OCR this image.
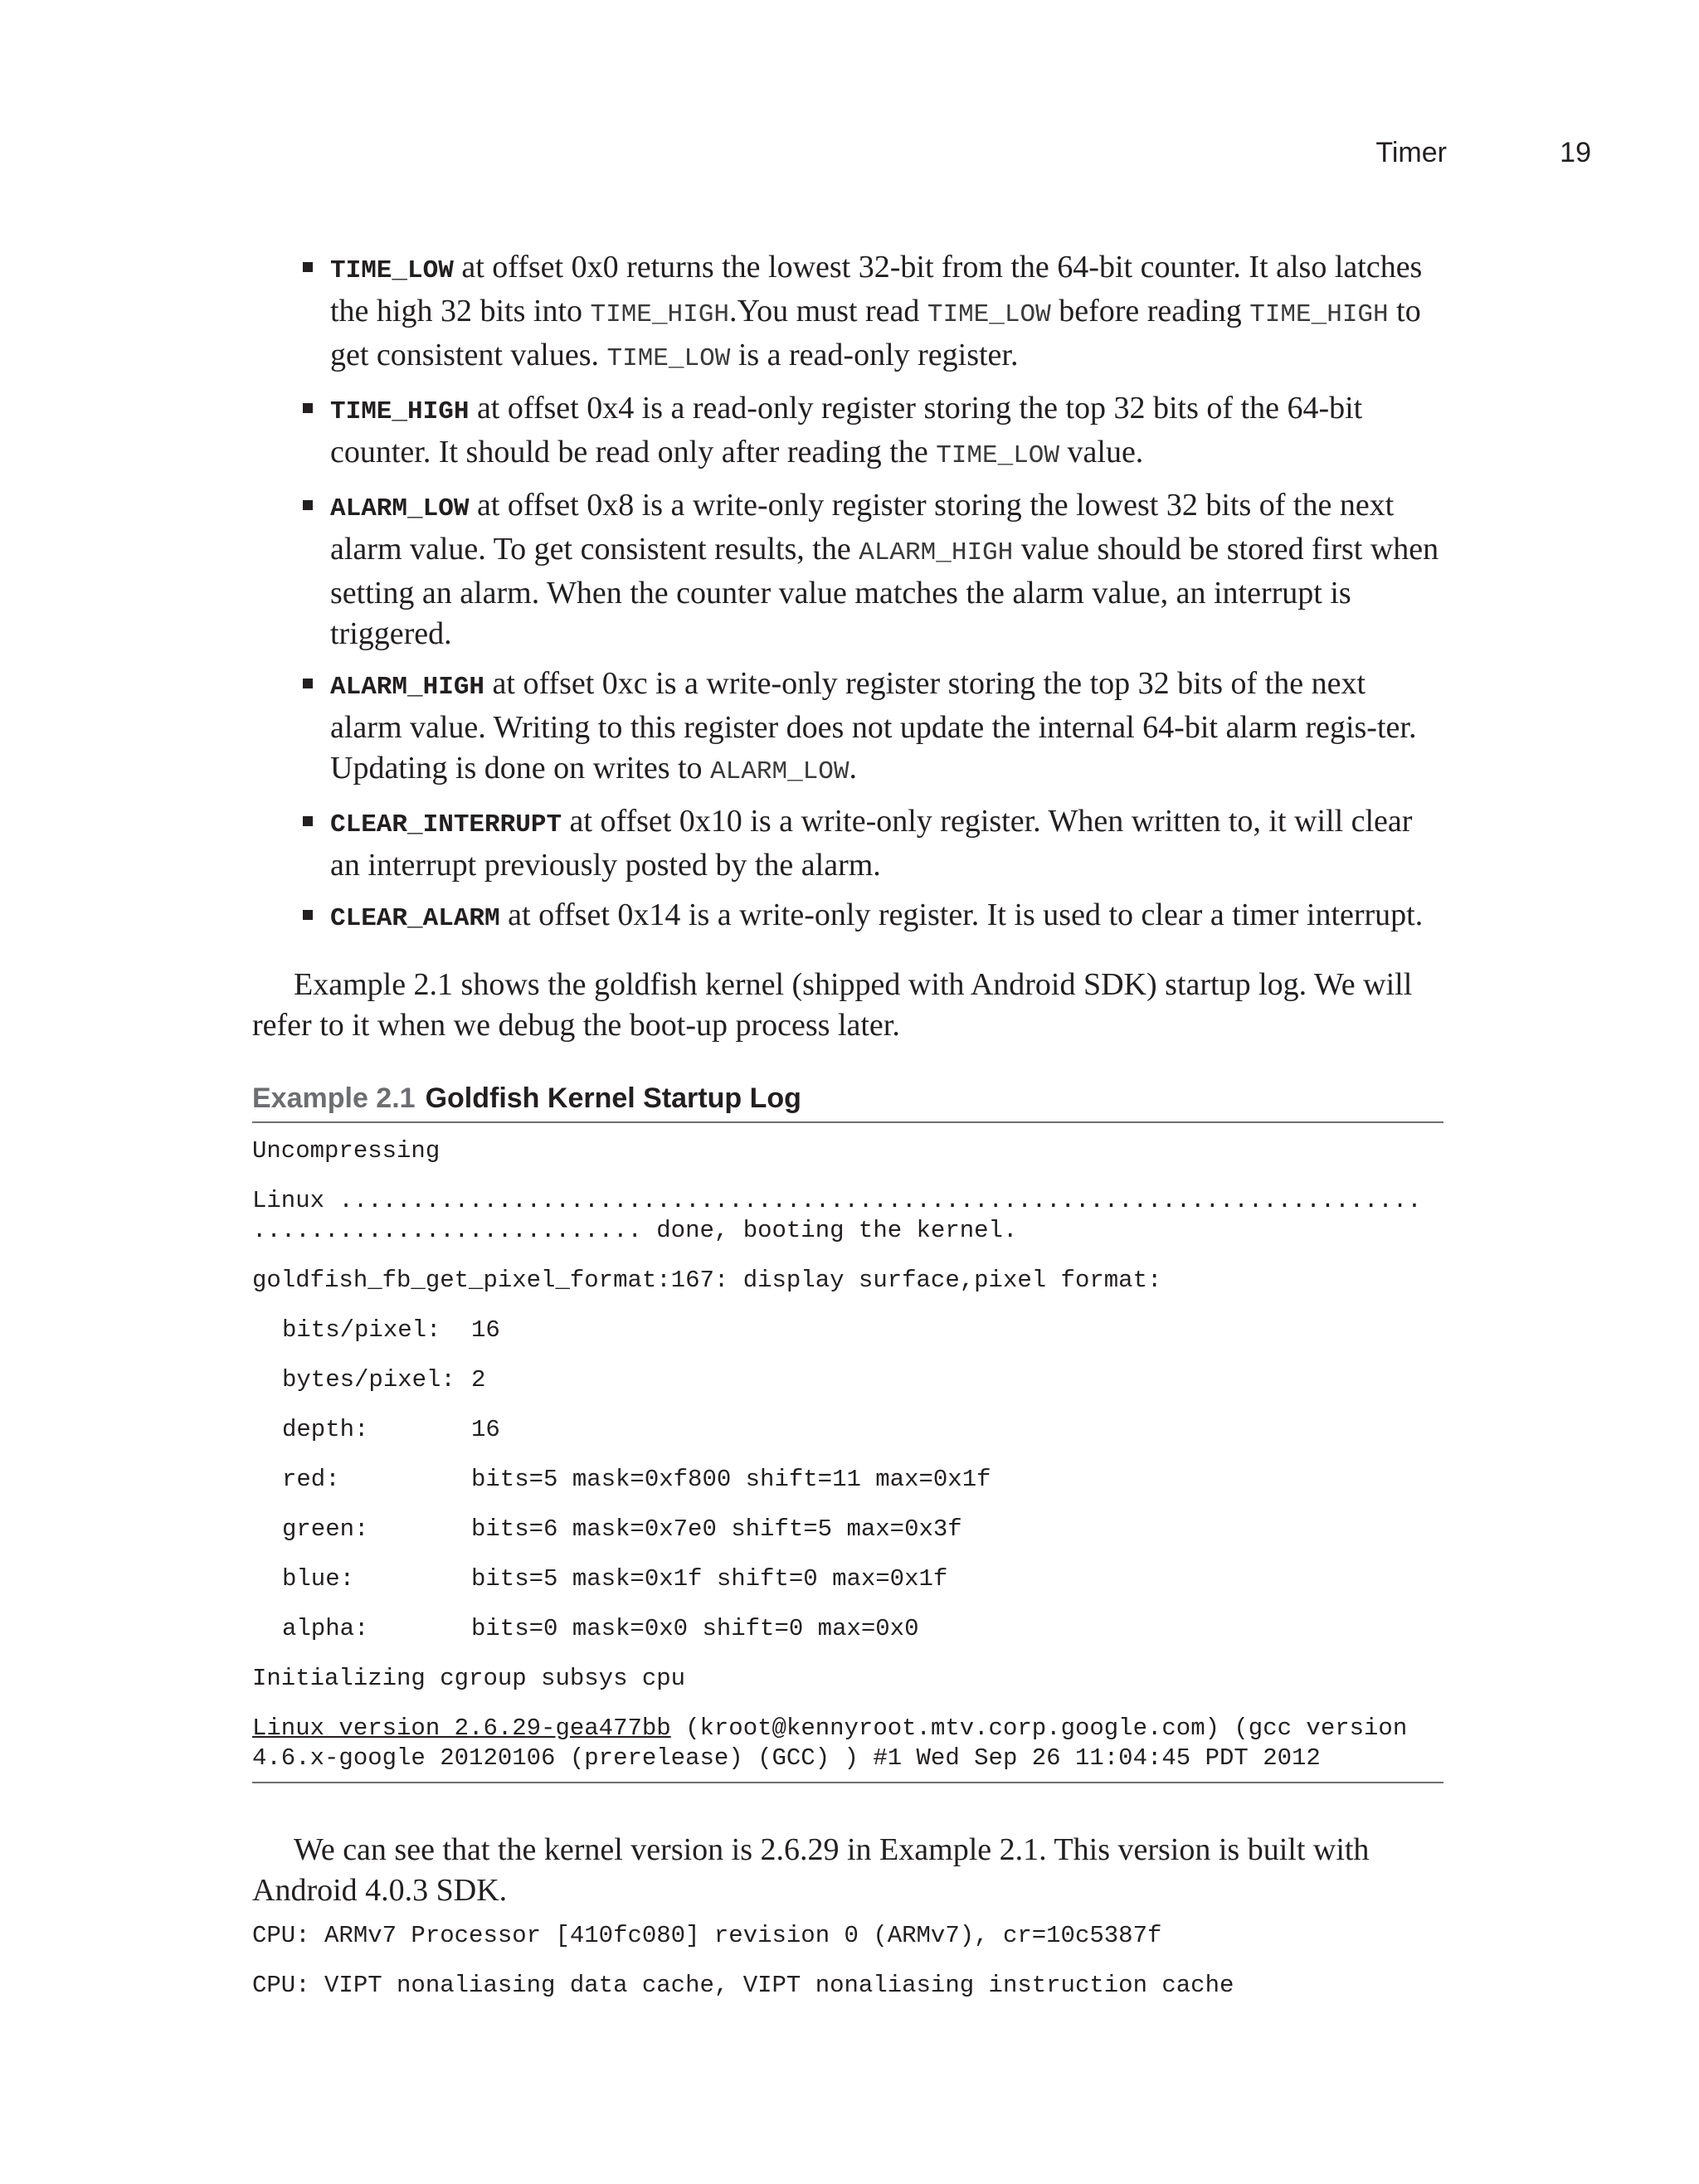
Timer	19
TIME_LOW at offset 0x0 returns the lowest 32-bit from the 64-bit counter. It also latches the high 32 bits into TIME_HIGH.You must read TIME_LOW before reading TIME_HIGH to get consistent values. TIME_LOW is a read-only register.
TIME_HIGH at offset 0x4 is a read-only register storing the top 32 bits of the 64-bit counter. It should be read only after reading the TIME_LOW value.
ALARM_LOW at offset 0x8 is a write-only register storing the lowest 32 bits of the next alarm value. To get consistent results, the ALARM_HIGH value should be stored first when setting an alarm. When the counter value matches the alarm value, an interrupt is triggered.
ALARM_HIGH at offset 0xc is a write-only register storing the top 32 bits of the next alarm value. Writing to this register does not update the internal 64-bit alarm regis-ter. Updating is done on writes to ALARM_LOW.
CLEAR_INTERRUPT at offset 0x10 is a write-only register. When written to, it will clear an interrupt previously posted by the alarm.
CLEAR_ALARM at offset 0x14 is a write-only register. It is used to clear a timer interrupt.

Example 2.1 shows the goldfish kernel (shipped with Android SDK) startup log. We will refer to it when we debug the boot-up process later.

Example 2.1 Goldfish Kernel Startup Log
Uncompressing
Linux ...........................................................................
........................... done, booting the kernel.
goldfish_fb_get_pixel_format:167: display surface,pixel format:
bits/pixel: 16
bytes/pixel: 2
depth:	16
red:	bits=5 mask=0xf800 shift=11 max=0x1f
green:	bits=6 mask=0x7e0 shift=5 max=0x3f
blue:	bits=5 mask=0x1f shift=0 max=0x1f
alpha:	bits=0 mask=0x0 shift=0 max=0x0
Initializing cgroup subsys cpu
Linux version 2.6.29-gea477bb (kroot@kennyroot.mtv.corp.google.com) (gcc version
4.6.x-google 20120106 (prerelease) (GCC) ) #1 Wed Sep 26 11:04:45 PDT 2012

We can see that the kernel version is 2.6.29 in Example 2.1. This version is built with Android 4.0.3 SDK.

CPU: ARMv7 Processor [410fc080] revision 0 (ARMv7), cr=10c5387f
CPU: VIPT nonaliasing data cache, VIPT nonaliasing instruction cache
